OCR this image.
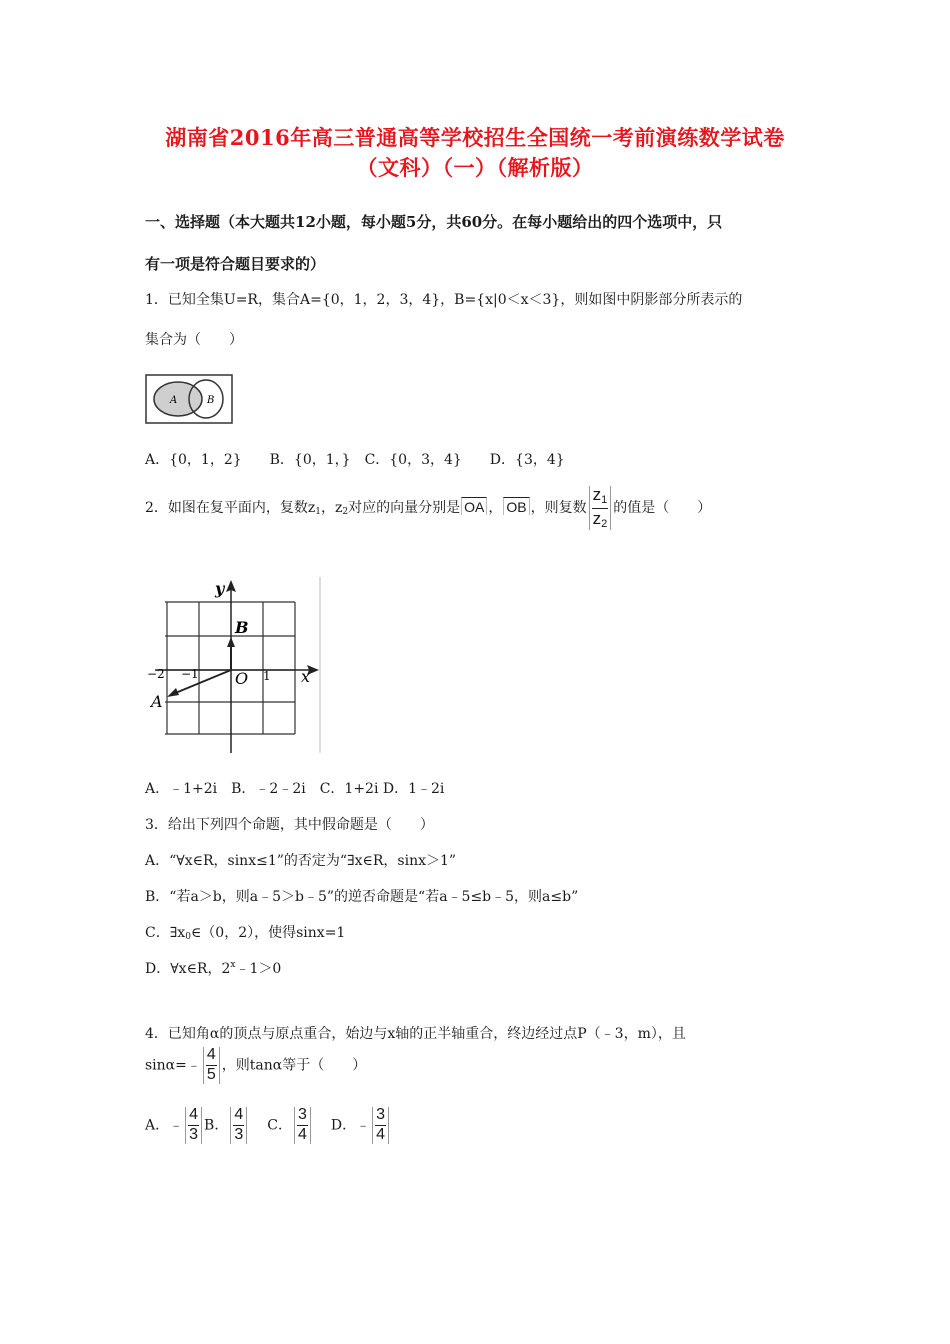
湖南省2016年高三普通高等学校招生全国统一考前演练数学试卷
（文科）（一）（解析版）
一、选择题（本大题共12小题，每小题5分，共60分。在每小题给出的四个选项中，只
有一项是符合题目要求的）
1．已知全集U=R，集合A={0，1，2，3，4}，B={x|0＜x＜3}，则如图中阴影部分所表示的
集合为（　　）
A	B
A．{0，1，2}　　B．{0，1，}　C．{0，3，4}　　D．{3，4}
2．如图在复平面内，复数$z_1$，$z_2$对应的向量分别是 OA ， OB ，则复数 $\frac{z1}{z2}$ 的值是（　　）
y
x
B
O
A
−2 −1	1
A．﹣1+2i　B．﹣2﹣2i　C．1+2i D．1﹣2i
3．给出下列四个命题，其中假命题是（　　）
A．“∀x∈R，sinx≤1”的否定为“∃x∈R，sinx＞1”
B．“若a＞b，则a﹣5＞b﹣5”的逆否命题是“若a﹣5≤b﹣5，则a≤b”
C．$\exists x_0\in(0$，2），使得sinx=1
D．∀x∈R，$2^x﹣1>0$
4．已知角α的顶点与原点重合，始边与x轴的正半轴重合，终边经过点P（﹣3，m），且
sinα=﹣ $\frac{4}{5}$ ，则tanα等于（　　）
A．﹣ $\frac{4}{3}$ B． $\frac{4}{3}$ C． $\frac{3}{4}$ D．﹣ $\frac{3}{4}$
